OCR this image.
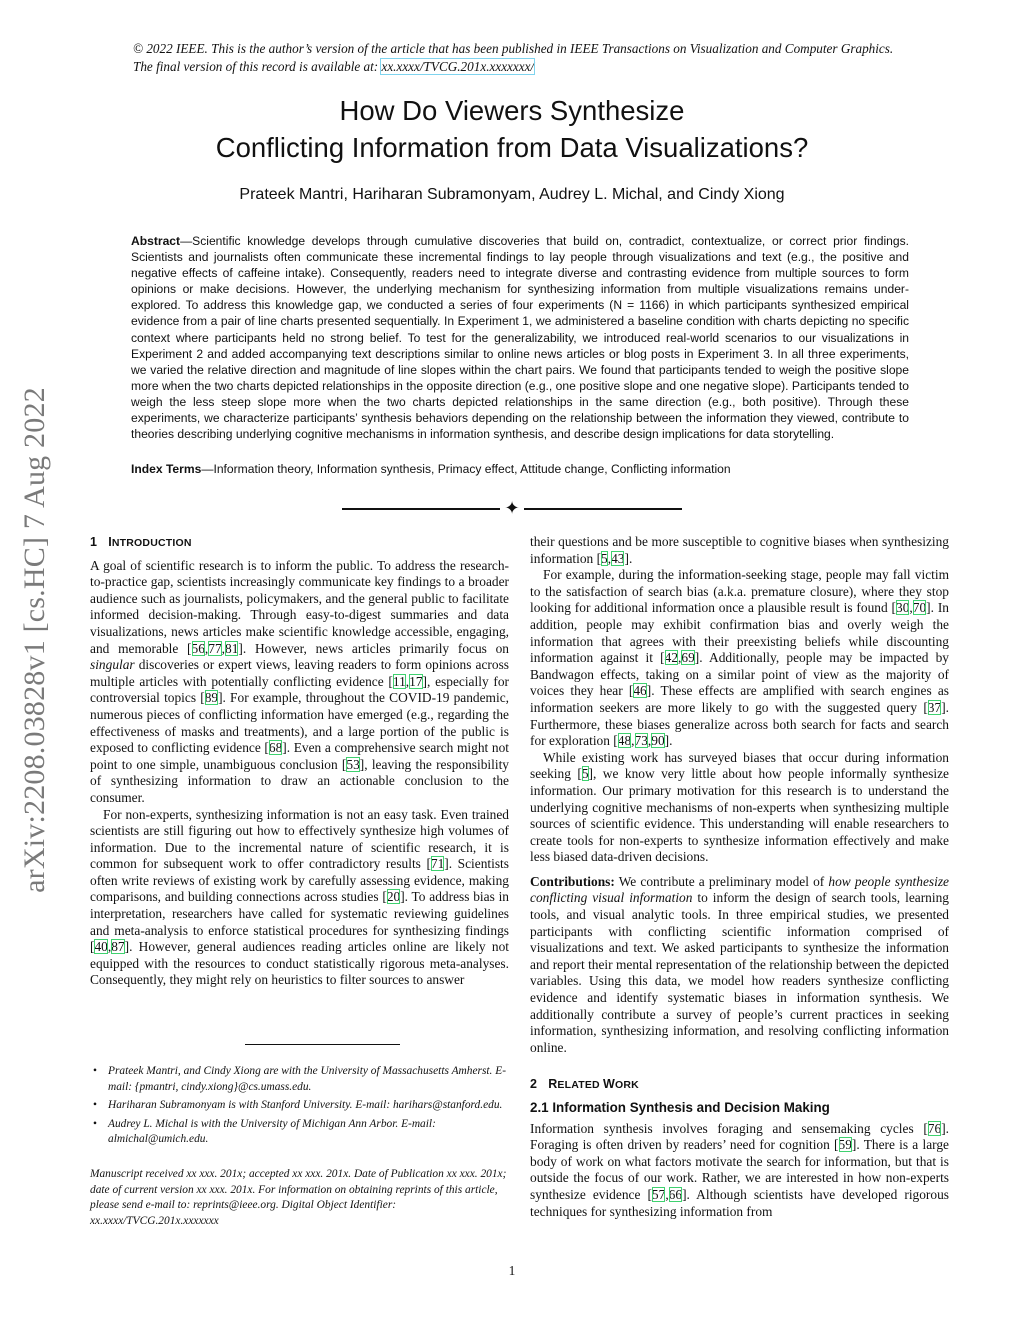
© 2022 IEEE. This is the author’s version of the article that has been published in IEEE Transactions on Visualization and Computer Graphics. The final version of this record is available at: xx.xxxx/TVCG.201x.xxxxxxx/
How Do Viewers Synthesize
Conflicting Information from Data Visualizations?
Prateek Mantri, Hariharan Subramonyam, Audrey L. Michal, and Cindy Xiong
Abstract—Scientific knowledge develops through cumulative discoveries that build on, contradict, contextualize, or correct prior findings. Scientists and journalists often communicate these incremental findings to lay people through visualizations and text (e.g., the positive and negative effects of caffeine intake). Consequently, readers need to integrate diverse and contrasting evidence from multiple sources to form opinions or make decisions. However, the underlying mechanism for synthesizing information from multiple visualizations remains under-explored. To address this knowledge gap, we conducted a series of four experiments (N = 1166) in which participants synthesized empirical evidence from a pair of line charts presented sequentially. In Experiment 1, we administered a baseline condition with charts depicting no specific context where participants held no strong belief. To test for the generalizability, we introduced real-world scenarios to our visualizations in Experiment 2 and added accompanying text descriptions similar to online news articles or blog posts in Experiment 3. In all three experiments, we varied the relative direction and magnitude of line slopes within the chart pairs. We found that participants tended to weigh the positive slope more when the two charts depicted relationships in the opposite direction (e.g., one positive slope and one negative slope). Participants tended to weigh the less steep slope more when the two charts depicted relationships in the same direction (e.g., both positive). Through these experiments, we characterize participants’ synthesis behaviors depending on the relationship between the information they viewed, contribute to theories describing underlying cognitive mechanisms in information synthesis, and describe design implications for data storytelling.
Index Terms—Information theory, Information synthesis, Primacy effect, Attitude change, Conflicting information
✦
1 INTRODUCTION

A goal of scientific research is to inform the public. To address the research-to-practice gap, scientists increasingly communicate key findings to a broader audience such as journalists, policymakers, and the general public to facilitate informed decision-making. Through easy-to-digest summaries and data visualizations, news articles make scientific knowledge accessible, engaging, and memorable [56,77,81]. However, news articles primarily focus on singular discoveries or expert views, leaving readers to form opinions across multiple articles with potentially conflicting evidence [11,17], especially for controversial topics [89]. For example, throughout the COVID-19 pandemic, numerous pieces of conflicting information have emerged (e.g., regarding the effectiveness of masks and treatments), and a large portion of the public is exposed to conflicting evidence [68]. Even a comprehensive search might not point to one simple, unambiguous conclusion [53], leaving the responsibility of synthesizing information to draw an actionable conclusion to the consumer.

For non-experts, synthesizing information is not an easy task. Even trained scientists are still figuring out how to effectively synthesize high volumes of information. Due to the incremental nature of scientific research, it is common for subsequent work to offer contradictory results [71]. Scientists often write reviews of existing work by carefully assessing evidence, making comparisons, and building connections across studies [20]. To address bias in interpretation, researchers have called for systematic reviewing guidelines and meta-analysis to enforce statistical procedures for synthesizing findings [40,87]. However, general audiences reading articles online are likely not equipped with the resources to conduct statistically rigorous meta-analyses. Consequently, they might rely on heuristics to filter sources to answer

• Prateek Mantri, and Cindy Xiong are with the University of Massachusetts Amherst. E-mail: {pmantri, cindy.xiong}@cs.umass.edu.
• Hariharan Subramonyam is with Stanford University. E-mail: harihars@stanford.edu.
• Audrey L. Michal is with the University of Michigan Ann Arbor. E-mail: almichal@umich.edu.
Manuscript received xx xxx. 201x; accepted xx xxx. 201x. Date of Publication xx xxx. 201x; date of current version xx xxx. 201x. For information on obtaining reprints of this article, please send e-mail to: reprints@ieee.org. Digital Object Identifier: xx.xxxx/TVCG.201x.xxxxxxx

their questions and be more susceptible to cognitive biases when synthesizing information [5,43].

For example, during the information-seeking stage, people may fall victim to the satisfaction of search bias (a.k.a. premature closure), where they stop looking for additional information once a plausible result is found [30,70]. In addition, people may exhibit confirmation bias and overly weigh the information that agrees with their preexisting beliefs while discounting information against it [42,69]. Additionally, people may be impacted by Bandwagon effects, taking on a similar point of view as the majority of voices they hear [46]. These effects are amplified with search engines as information seekers are more likely to go with the suggested query [37]. Furthermore, these biases generalize across both search for facts and search for exploration [48,73,90].

While existing work has surveyed biases that occur during information seeking [5], we know very little about how people informally synthesize information. Our primary motivation for this research is to understand the underlying cognitive mechanisms of non-experts when synthesizing multiple sources of scientific evidence. This understanding will enable researchers to create tools for non-experts to synthesize information effectively and make less biased data-driven decisions.

Contributions: We contribute a preliminary model of how people synthesize conflicting visual information to inform the design of search tools, learning tools, and visual analytic tools. In three empirical studies, we presented participants with conflicting scientific information comprised of visualizations and text. We asked participants to synthesize the information and report their mental representation of the relationship between the depicted variables. Using this data, we model how readers synthesize conflicting evidence and identify systematic biases in information synthesis. We additionally contribute a survey of people’s current practices in seeking information, synthesizing information, and resolving conflicting information online.

2 RELATED WORK
2.1 Information Synthesis and Decision Making

Information synthesis involves foraging and sensemaking cycles [76]. Foraging is often driven by readers’ need for cognition [59]. There is a large body of work on what factors motivate the search for information, but that is outside the focus of our work. Rather, we are interested in how non-experts synthesize evidence [57,66]. Although scientists have developed rigorous techniques for synthesizing information from

arXiv:2208.03828v1 [cs.HC] 7 Aug 2022
1
